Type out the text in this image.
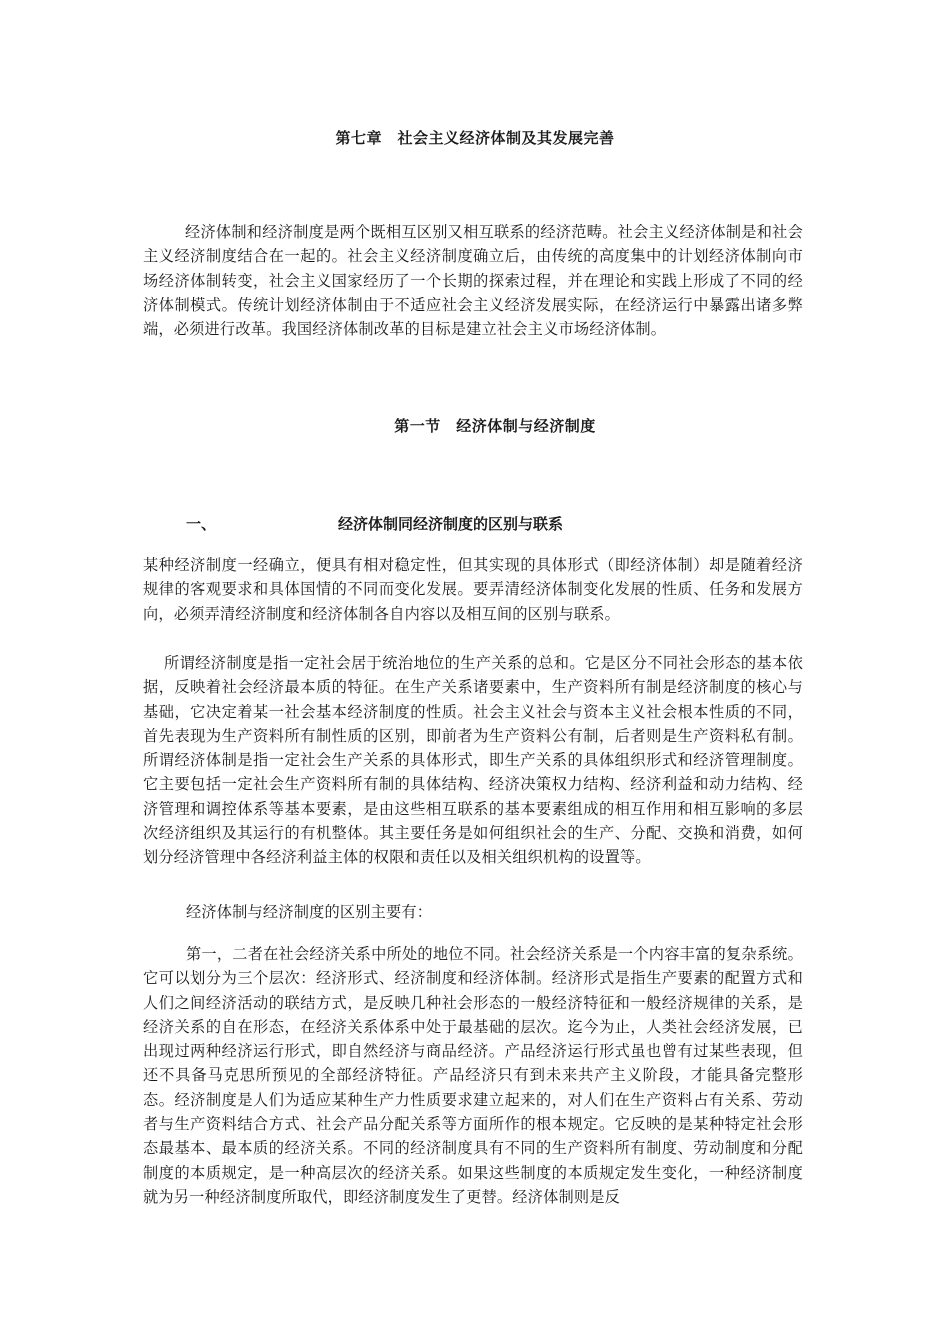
第七章　社会主义经济体制及其发展完善

经济体制和经济制度是两个既相互区别又相互联系的经济范畴。社会主义经济体制是和社会主义经济制度结合在一起的。社会主义经济制度确立后，由传统的高度集中的计划经济体制向市场经济体制转变，社会主义国家经历了一个长期的探索过程，并在理论和实践上形成了不同的经济体制模式。传统计划经济体制由于不适应社会主义经济发展实际，在经济运行中暴露出诸多弊端，必须进行改革。我国经济体制改革的目标是建立社会主义市场经济体制。

第一节　经济体制与经济制度
一、	经济体制同经济制度的区别与联系

某种经济制度一经确立，便具有相对稳定性，但其实现的具体形式（即经济体制）却是随着经济规律的客观要求和具体国情的不同而变化发展。要弄清经济体制变化发展的性质、任务和发展方向，必须弄清经济制度和经济体制各自内容以及相互间的区别与联系。

所谓经济制度是指一定社会居于统治地位的生产关系的总和。它是区分不同社会形态的基本依据，反映着社会经济最本质的特征。在生产关系诸要素中，生产资料所有制是经济制度的核心与基础，它决定着某一社会基本经济制度的性质。社会主义社会与资本主义社会根本性质的不同，首先表现为生产资料所有制性质的区别，即前者为生产资料公有制，后者则是生产资料私有制。所谓经济体制是指一定社会生产关系的具体形式，即生产关系的具体组织形式和经济管理制度。它主要包括一定社会生产资料所有制的具体结构、经济决策权力结构、经济利益和动力结构、经济管理和调控体系等基本要素，是由这些相互联系的基本要素组成的相互作用和相互影响的多层次经济组织及其运行的有机整体。其主要任务是如何组织社会的生产、分配、交换和消费，如何划分经济管理中各经济利益主体的权限和责任以及相关组织机构的设置等。

经济体制与经济制度的区别主要有：

第一，二者在社会经济关系中所处的地位不同。社会经济关系是一个内容丰富的复杂系统。它可以划分为三个层次：经济形式、经济制度和经济体制。经济形式是指生产要素的配置方式和人们之间经济活动的联结方式，是反映几种社会形态的一般经济特征和一般经济规律的关系，是经济关系的自在形态，在经济关系体系中处于最基础的层次。迄今为止，人类社会经济发展，已出现过两种经济运行形式，即自然经济与商品经济。产品经济运行形式虽也曾有过某些表现，但还不具备马克思所预见的全部经济特征。产品经济只有到未来共产主义阶段，才能具备完整形态。经济制度是人们为适应某种生产力性质要求建立起来的，对人们在生产资料占有关系、劳动者与生产资料结合方式、社会产品分配关系等方面所作的根本规定。它反映的是某种特定社会形态最基本、最本质的经济关系。不同的经济制度具有不同的生产资料所有制度、劳动制度和分配制度的本质规定，是一种高层次的经济关系。如果这些制度的本质规定发生变化，一种经济制度就为另一种经济制度所取代，即经济制度发生了更替。经济体制则是反
